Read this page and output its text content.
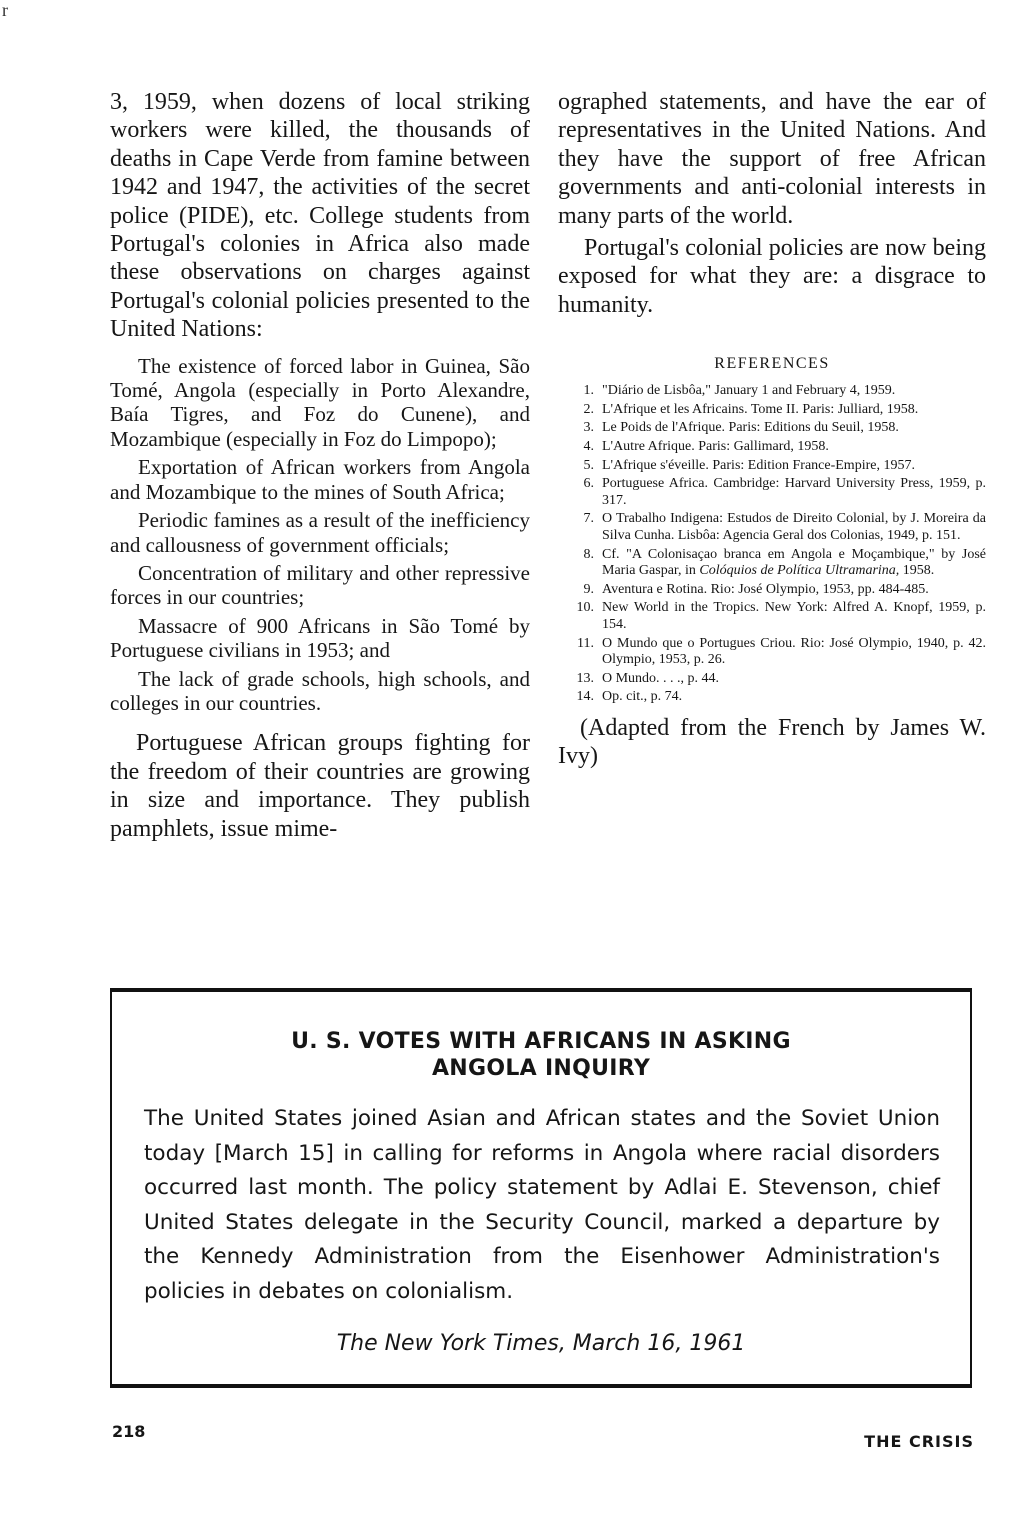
r

3, 1959, when dozens of local striking workers were killed, the thousands of deaths in Cape Verde from famine between 1942 and 1947, the activities of the secret police (PIDE), etc. College students from Portugal's colonies in Africa also made these observations on charges against Portugal's colonial policies presented to the United Nations:

The existence of forced labor in Guinea, São Tomé, Angola (especially in Porto Alexandre, Baía Tigres, and Foz do Cunene), and Mozambique (especially in Foz do Limpopo);

Exportation of African workers from Angola and Mozambique to the mines of South Africa;

Periodic famines as a result of the inefficiency and callousness of government officials;

Concentration of military and other repressive forces in our countries;

Massacre of 900 Africans in São Tomé by Portuguese civilians in 1953; and

The lack of grade schools, high schools, and colleges in our countries.

Portuguese African groups fighting for the freedom of their countries are growing in size and importance. They publish pamphlets, issue mime-

ographed statements, and have the ear of representatives in the United Nations. And they have the support of free African governments and anti-colonial interests in many parts of the world.

Portugal's colonial policies are now being exposed for what they are: a disgrace to humanity.

REFERENCES
1. "Diário de Lisbôa," January 1 and February 4, 1959.
2. L'Afrique et les Africains. Tome II. Paris: Julliard, 1958.
3. Le Poids de l'Afrique. Paris: Editions du Seuil, 1958.
4. L'Autre Afrique. Paris: Gallimard, 1958.
5. L'Afrique s'éveille. Paris: Edition France-Empire, 1957.
6. Portuguese Africa. Cambridge: Harvard University Press, 1959, p. 317.
7. O Trabalho Indigena: Estudos de Direito Colonial, by J. Moreira da Silva Cunha. Lisbôa: Agencia Geral dos Colonias, 1949, p. 151.
8. Cf. "A Colonisaçao branca em Angola e Moçambique," by José Maria Gaspar, in Colóquios de Política Ultramarina, 1958.
9. Aventura e Rotina. Rio: José Olympio, 1953, pp. 484-485.
10. New World in the Tropics. New York: Alfred A. Knopf, 1959, p. 154.
11. O Mundo que o Portugues Criou. Rio: José Olympio, 1940, p. 42. Olympio, 1953, p. 26.
13. O Mundo. . . ., p. 44.
14. Op. cit., p. 74.

(Adapted from the French by James W. Ivy)

U. S. VOTES WITH AFRICANS IN ASKING
ANGOLA INQUIRY

The United States joined Asian and African states and the Soviet Union today [March 15] in calling for reforms in Angola where racial disorders occurred last month. The policy statement by Adlai E. Stevenson, chief United States delegate in the Security Council, marked a departure by the Kennedy Administration from the Eisenhower Administration's policies in debates on colonialism.

The New York Times, March 16, 1961
218
THE CRISIS
